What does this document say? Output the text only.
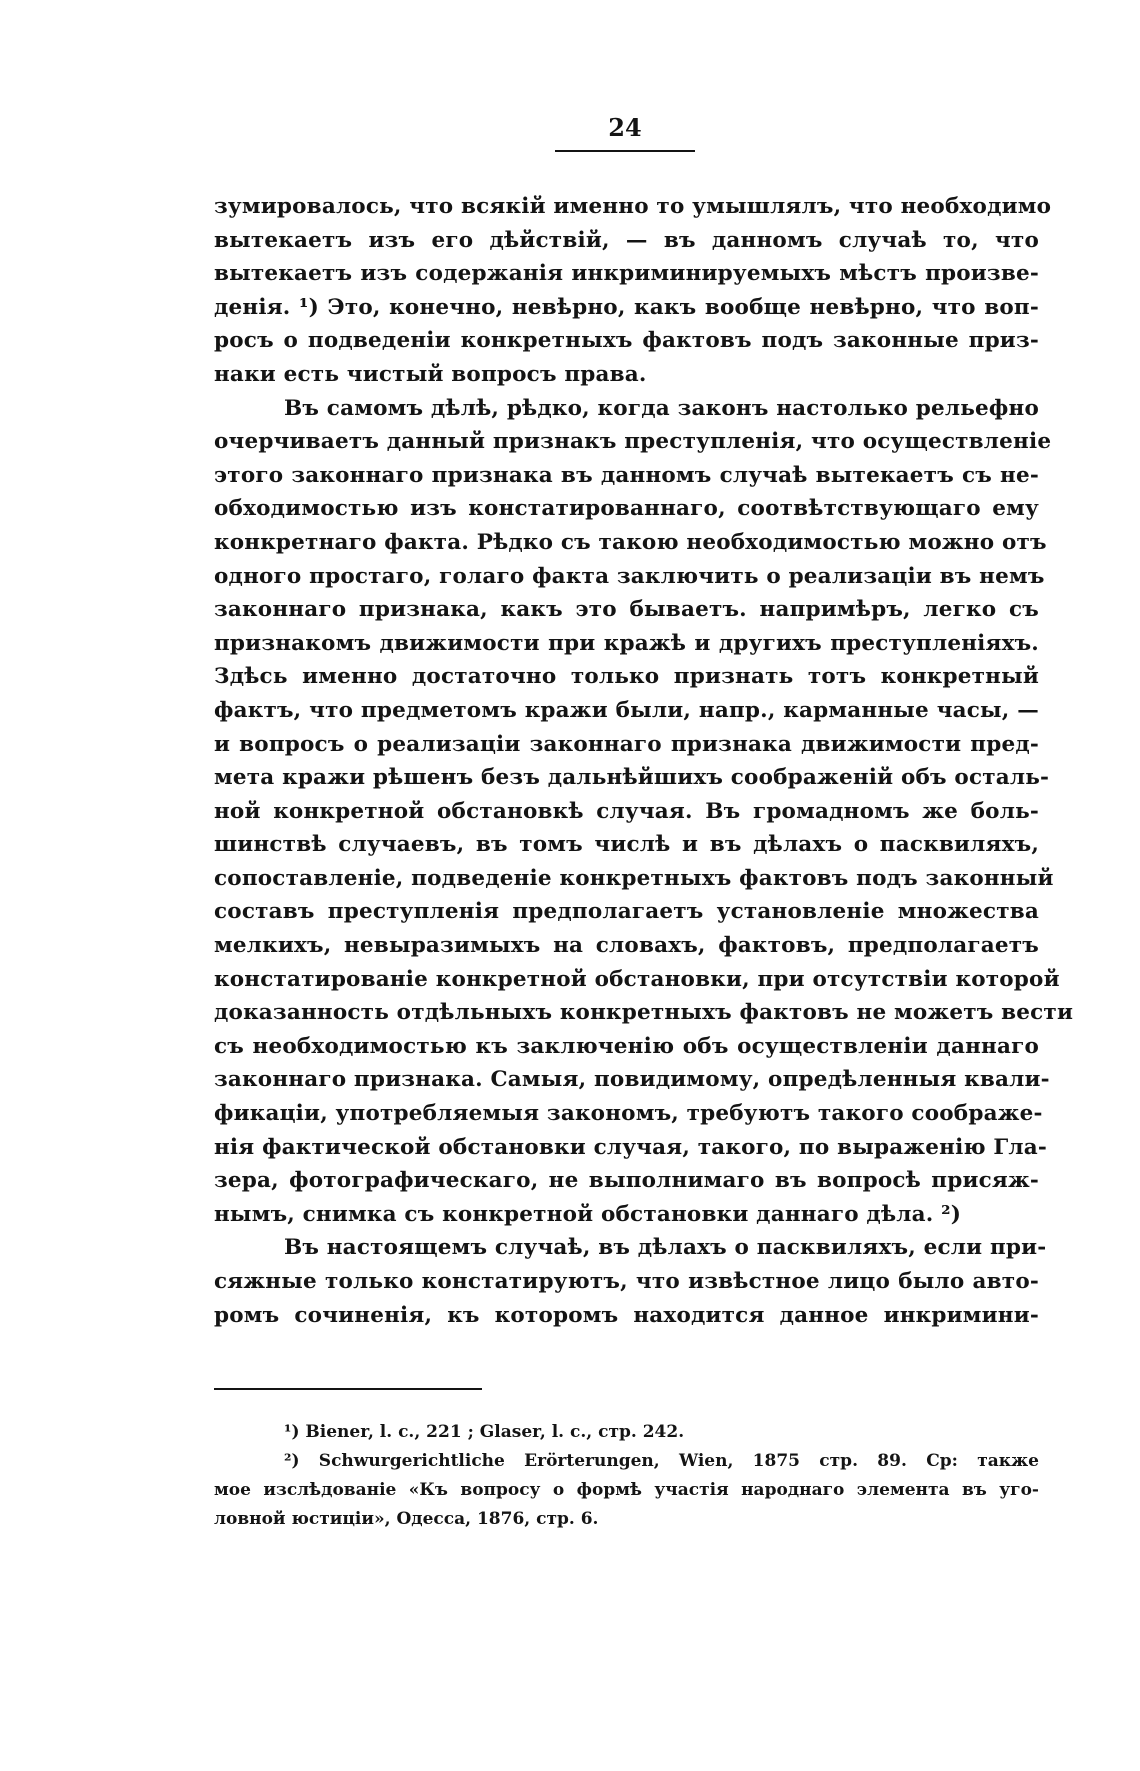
24
зумировалось, что всякій именно то умышлялъ, что необходимо
вытекаетъ изъ его дѣйствій, — въ данномъ случаѣ то, что
вытекаетъ изъ содержанія инкриминируемыхъ мѣстъ произве-
денія. ¹) Это, конечно, невѣрно, какъ вообще невѣрно, что воп-
росъ о подведеніи конкретныхъ фактовъ подъ законные приз-
наки есть чистый вопросъ права.
Въ самомъ дѣлѣ, рѣдко, когда законъ настолько рельефно
очерчиваетъ данный признакъ преступленія, что осуществленіе
этого законнаго признака въ данномъ случаѣ вытекаетъ съ не-
обходимостью изъ констатированнаго, соотвѣтствующаго ему
конкретнаго факта. Рѣдко съ такою необходимостью можно отъ
одного простаго, голаго факта заключить о реализаціи въ немъ
законнаго признака, какъ это бываетъ. напримѣръ, легко съ
признакомъ движимости при кражѣ и другихъ преступленіяхъ.
Здѣсь именно достаточно только признать тотъ конкретный
фактъ, что предметомъ кражи были, напр., карманные часы, —
и вопросъ о реализаціи законнаго признака движимости пред-
мета кражи рѣшенъ безъ дальнѣйшихъ соображеній объ осталь-
ной конкретной обстановкѣ случая. Въ громадномъ же боль-
шинствѣ случаевъ, въ томъ числѣ и въ дѣлахъ о пасквиляхъ,
сопоставленіе, подведеніе конкретныхъ фактовъ подъ законный
составъ преступленія предполагаетъ установленіе множества
мелкихъ, невыразимыхъ на словахъ, фактовъ, предполагаетъ
констатированіе конкретной обстановки, при отсутствіи которой
доказанность отдѣльныхъ конкретныхъ фактовъ не можетъ вести
съ необходимостью къ заключенію объ осуществленіи даннаго
законнаго признака. Самыя, повидимому, опредѣленныя квали-
фикаціи, употребляемыя закономъ, требуютъ такого соображе-
нія фактической обстановки случая, такого, по выраженію Гла-
зера, фотографическаго, не выполнимаго въ вопросѣ присяж-
нымъ, снимка съ конкретной обстановки даннаго дѣла. ²)
Въ настоящемъ случаѣ, въ дѣлахъ о пасквиляхъ, если при-
сяжные только констатируютъ, что извѣстное лицо было авто-
ромъ сочиненія, къ которомъ находится данное инкримини-
¹) Biener, l. c., 221 ; Glaser, l. c., стр. 242.
²) Schwurgerichtliche Erörterungen, Wien, 1875 стр. 89. Ср: также
мое изслѣдованіе «Къ вопросу о формѣ участія народнаго элемента въ уго-
ловной юстиціи», Одесса, 1876, стр. 6.
